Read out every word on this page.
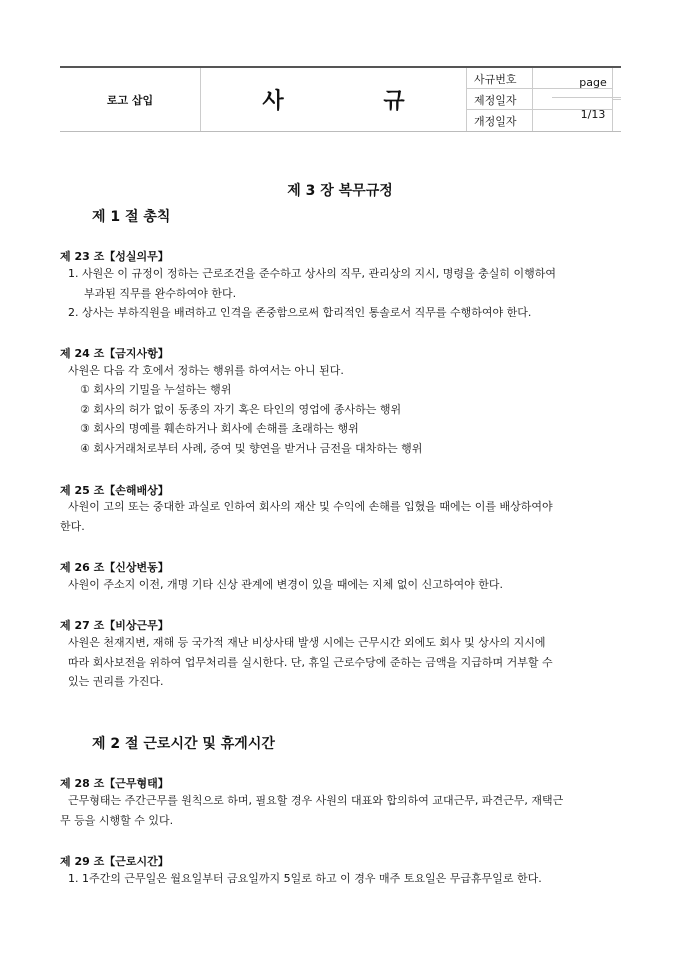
로고 삽입	사 규
사규번호
제정일자
개정일자
page
1/13
제 3 장 복무규정
제 1 절 총칙
제 23 조【성실의무】
1. 사원은 이 규정이 정하는 근로조건을 준수하고 상사의 직무, 관리상의 지시, 명령을 충실히 이행하여
부과된 직무를 완수하여야 한다.
2. 상사는 부하직원을 배려하고 인격을 존중함으로써 합리적인 통솔로서 직무를 수행하여야 한다.
제 24 조【금지사항】
사원은 다음 각 호에서 정하는 행위를 하여서는 아니 된다.
① 회사의 기밀을 누설하는 행위
② 회사의 허가 없이 동종의 자기 혹은 타인의 영업에 종사하는 행위
③ 회사의 명예를 훼손하거나 회사에 손해를 초래하는 행위
④ 회사거래처로부터 사례, 증여 및 향연을 받거나 금전을 대차하는 행위
제 25 조【손해배상】
사원이 고의 또는 중대한 과실로 인하여 회사의 재산 및 수익에 손해를 입혔을 때에는 이를 배상하여야
한다.
제 26 조【신상변동】
사원이 주소지 이전, 개명 기타 신상 관계에 변경이 있을 때에는 지체 없이 신고하여야 한다.
제 27 조【비상근무】
사원은 천재지변, 재해 등 국가적 재난 비상사태 발생 시에는 근무시간 외에도 회사 및 상사의 지시에
따라 회사보전을 위하여 업무처리를 실시한다. 단, 휴일 근로수당에 준하는 금액을 지급하며 거부할 수
있는 권리를 가진다.
제 2 절 근로시간 및 휴게시간
제 28 조【근무형태】
근무형태는 주간근무를 원칙으로 하며, 필요할 경우 사원의 대표와 합의하여 교대근무, 파견근무, 재택근
무 등을 시행할 수 있다.
제 29 조【근로시간】
1. 1주간의 근무일은 월요일부터 금요일까지 5일로 하고 이 경우 매주 토요일은 무급휴무일로 한다.
